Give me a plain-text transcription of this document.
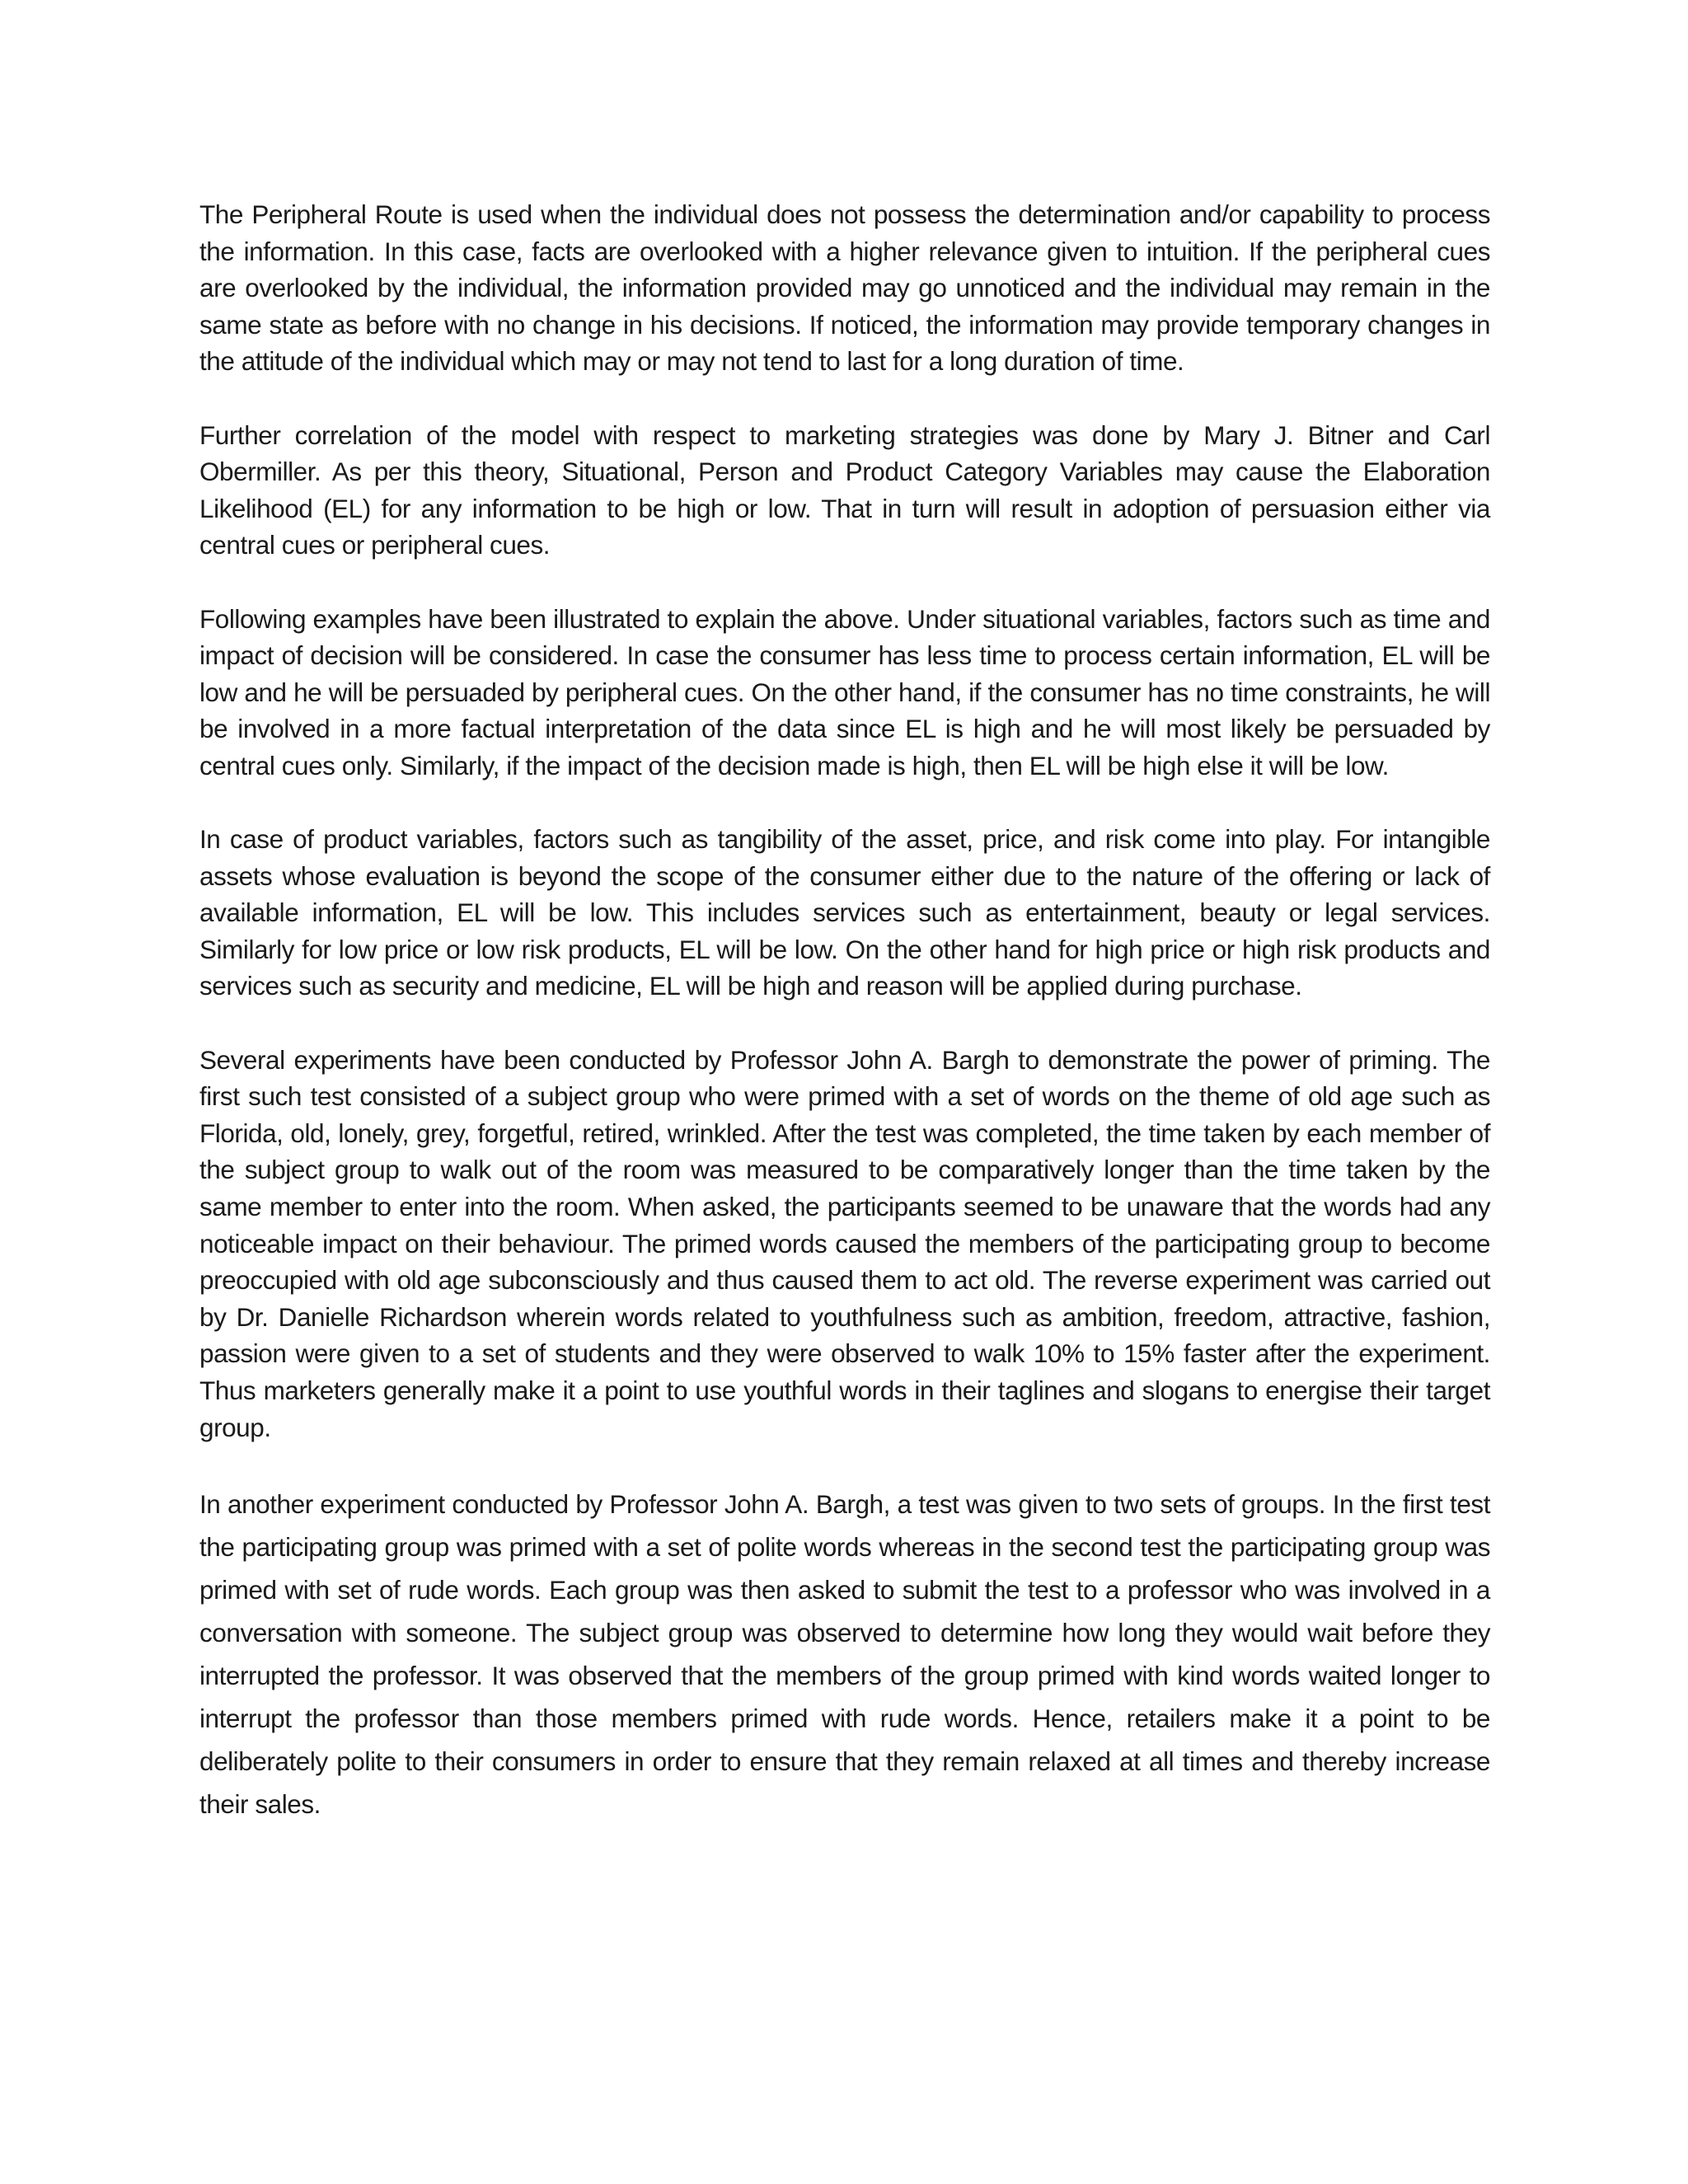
The Peripheral Route is used when the individual does not possess the determination and/or capability to process the information. In this case, facts are overlooked with a higher relevance given to intuition. If the peripheral cues are overlooked by the individual, the information provided may go unnoticed and the individual may remain in the same state as before with no change in his decisions. If noticed, the information may provide temporary changes in the attitude of the individual which may or may not tend to last for a long duration of time.

Further correlation of the model with respect to marketing strategies was done by Mary J. Bitner and Carl Obermiller. As per this theory, Situational, Person and Product Category Variables may cause the Elaboration Likelihood (EL) for any information to be high or low. That in turn will result in adoption of persuasion either via central cues or peripheral cues.

Following examples have been illustrated to explain the above. Under situational variables, factors such as time and impact of decision will be considered. In case the consumer has less time to process certain information, EL will be low and he will be persuaded by peripheral cues. On the other hand, if the consumer has no time constraints, he will be involved in a more factual interpretation of the data since EL is high and he will most likely be persuaded by central cues only. Similarly, if the impact of the decision made is high, then EL will be high else it will be low.

In case of product variables, factors such as tangibility of the asset, price, and risk come into play. For intangible assets whose evaluation is beyond the scope of the consumer either due to the nature of the offering or lack of available information, EL will be low. This includes services such as entertainment, beauty or legal services. Similarly for low price or low risk products, EL will be low. On the other hand for high price or high risk products and services such as security and medicine, EL will be high and reason will be applied during purchase.

Several experiments have been conducted by Professor John A. Bargh to demonstrate the power of priming. The first such test consisted of a subject group who were primed with a set of words on the theme of old age such as Florida, old, lonely, grey, forgetful, retired, wrinkled. After the test was completed, the time taken by each member of the subject group to walk out of the room was measured to be comparatively longer than the time taken by the same member to enter into the room. When asked, the participants seemed to be unaware that the words had any noticeable impact on their behaviour. The primed words caused the members of the participating group to become preoccupied with old age subconsciously and thus caused them to act old. The reverse experiment was carried out by Dr. Danielle Richardson wherein words related to youthfulness such as ambition, freedom, attractive, fashion, passion were given to a set of students and they were observed to walk 10% to 15% faster after the experiment. Thus marketers generally make it a point to use youthful words in their taglines and slogans to energise their target group.

In another experiment conducted by Professor John A. Bargh, a test was given to two sets of groups. In the first test the participating group was primed with a set of polite words whereas in the second test the participating group was primed with set of rude words. Each group was then asked to submit the test to a professor who was involved in a conversation with someone. The subject group was observed to determine how long they would wait before they interrupted the professor. It was observed that the members of the group primed with kind words waited longer to interrupt the professor than those members primed with rude words. Hence, retailers make it a point to be deliberately polite to their consumers in order to ensure that they remain relaxed at all times and thereby increase their sales.
